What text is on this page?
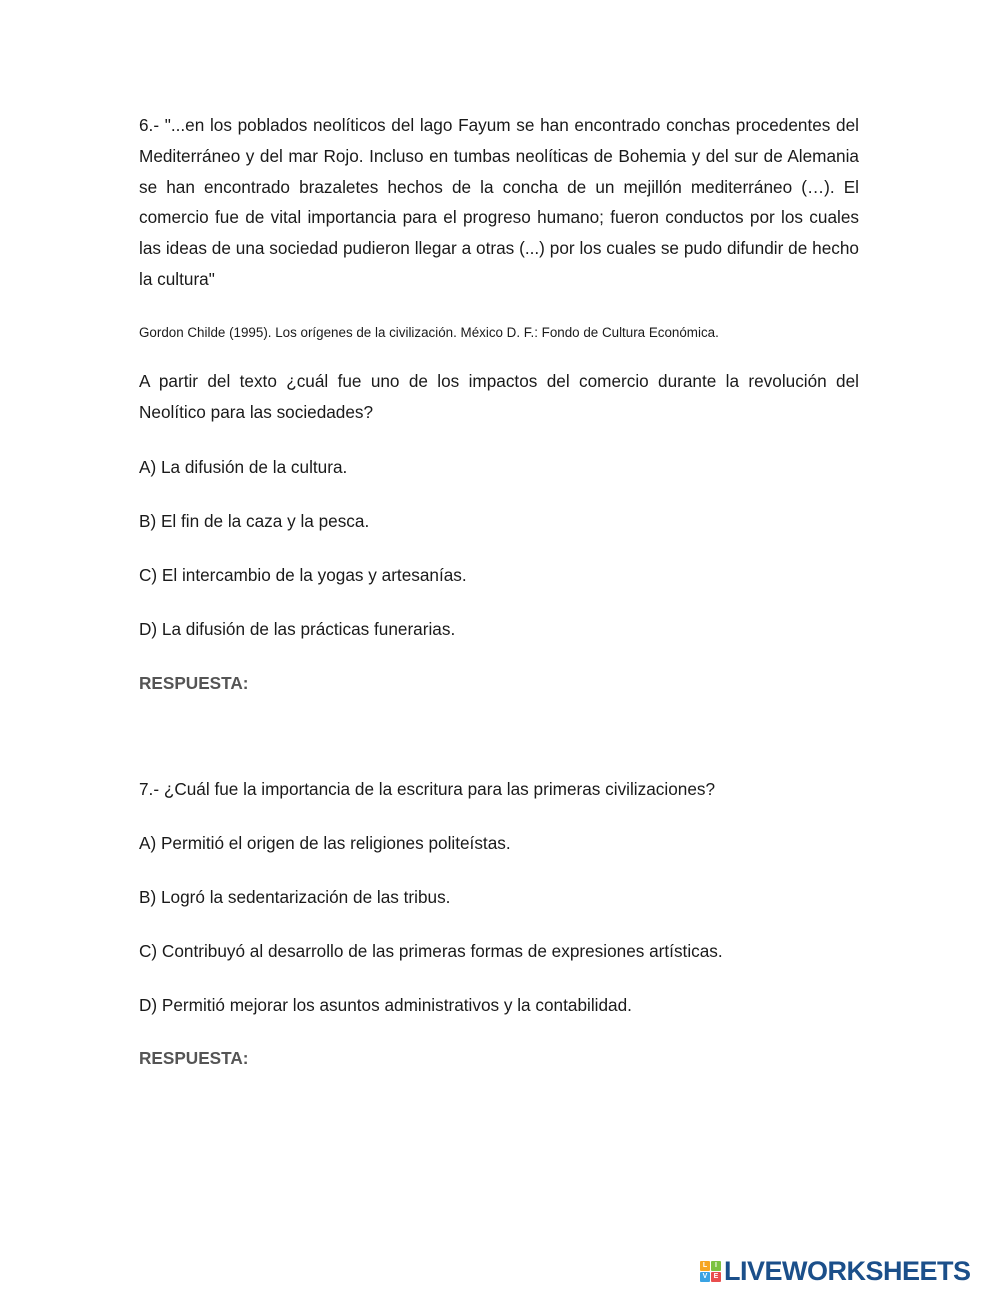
6.- "...en los poblados neolíticos del lago Fayum se han encontrado conchas procedentes del Mediterráneo y del mar Rojo. Incluso en tumbas neolíticas de Bohemia y del sur de Alemania se han encontrado brazaletes hechos de la concha de un mejillón mediterráneo (…). El comercio fue de vital importancia para el progreso humano; fueron conductos por los cuales las ideas de una sociedad pudieron llegar a otras (...) por los cuales se pudo difundir de hecho la cultura"

Gordon Childe (1995). Los orígenes de la civilización. México D. F.: Fondo de Cultura Económica.

A partir del texto ¿cuál fue uno de los impactos del comercio durante la revolución del Neolítico para las sociedades?

A) La difusión de la cultura.

B) El fin de la caza y la pesca.

C) El intercambio de la yogas y artesanías.

D) La difusión de las prácticas funerarias.

RESPUESTA:

7.- ¿Cuál fue la importancia de la escritura para las primeras civilizaciones?

A) Permitió el origen de las religiones politeístas.

B) Logró la sedentarización de las tribus.

C) Contribuyó al desarrollo de las primeras formas de expresiones artísticas.

D) Permitió mejorar los asuntos administrativos y la contabilidad.

RESPUESTA:

L	I
V E LIVEWORKSHEETS
